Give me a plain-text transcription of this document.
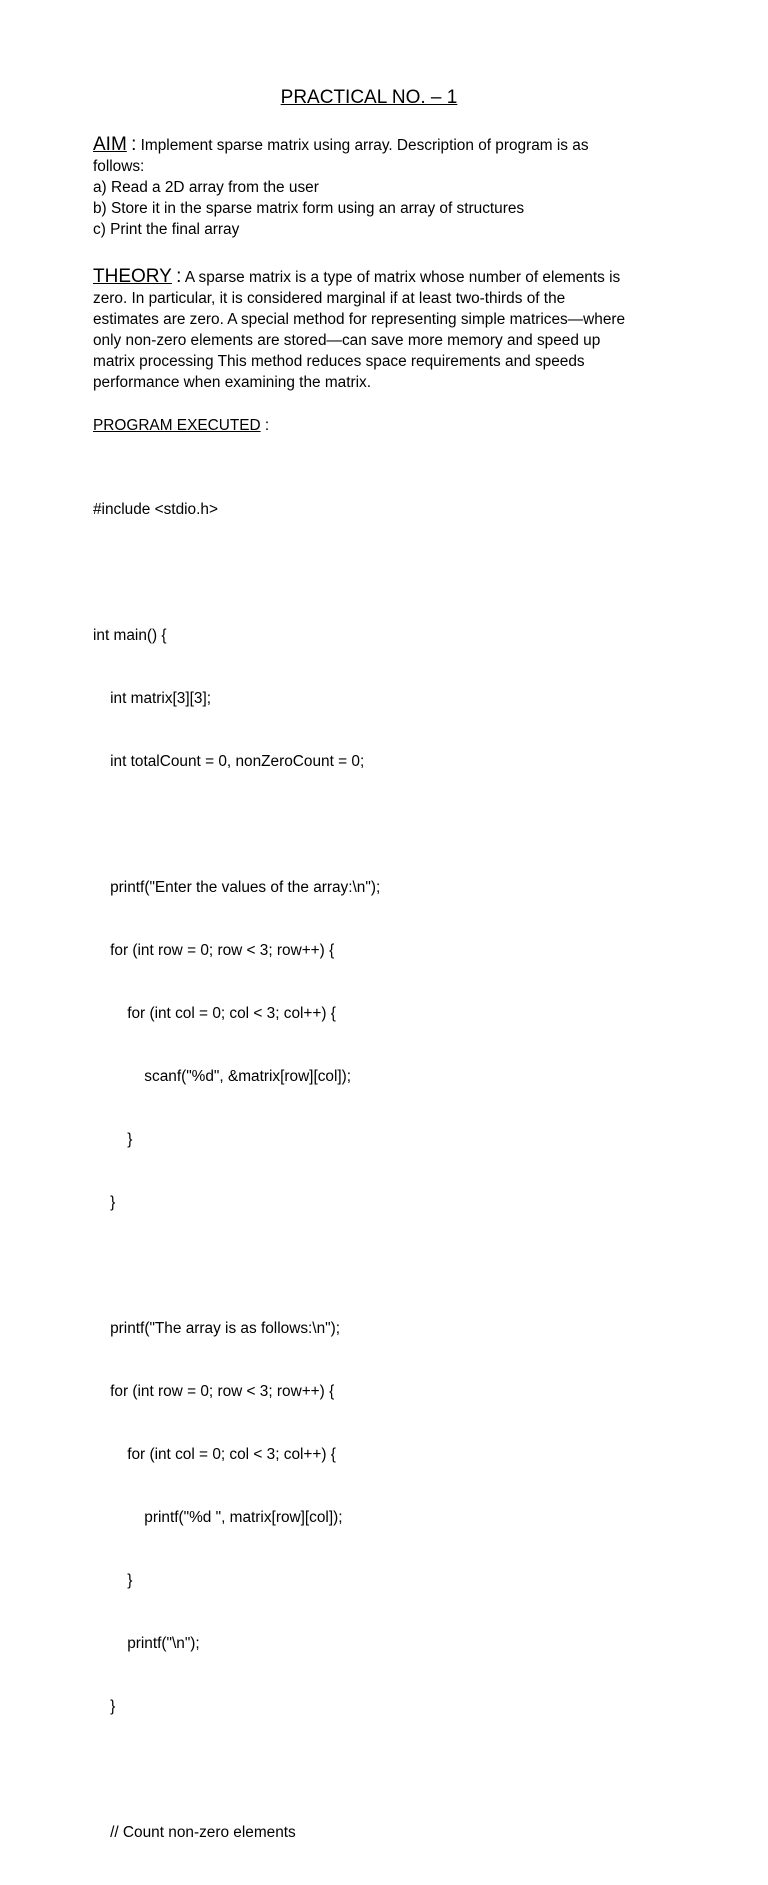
PRACTICAL NO. – 1
AIM : Implement sparse matrix using array. Description of program is as
follows:
a) Read a 2D array from the user
b) Store it in the sparse matrix form using an array of structures
c) Print the final array
THEORY : A sparse matrix is a type of matrix whose number of elements is
zero. In particular, it is considered marginal if at least two-thirds of the
estimates are zero. A special method for representing simple matrices—where
only non-zero elements are stored—can save more memory and speed up
matrix processing This method reduces space requirements and speeds
performance when examining the matrix.
PROGRAM EXECUTED :

#include <stdio.h>

int main() {

int matrix[3][3];

int totalCount = 0, nonZeroCount = 0;

printf("Enter the values of the array:\n");

for (int row = 0; row < 3; row++) {

for (int col = 0; col < 3; col++) {

scanf("%d", &matrix[row][col]);

}

}

printf("The array is as follows:\n");

for (int row = 0; row < 3; row++) {

for (int col = 0; col < 3; col++) {

printf("%d ", matrix[row][col]);

}

printf("\n");

}

// Count non-zero elements
